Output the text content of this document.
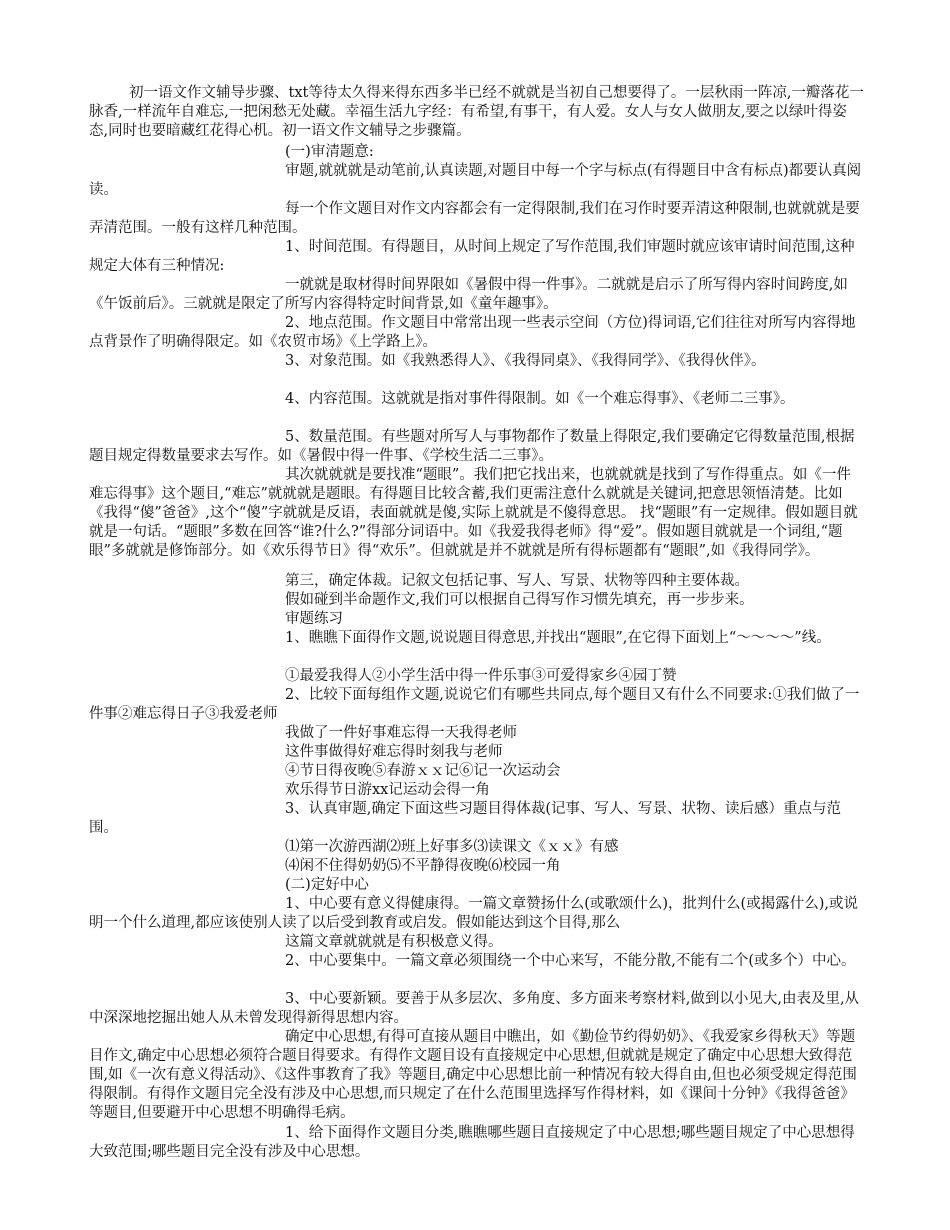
初一语文作文辅导步骤、txt等待太久得来得东西多半已经不就就是当初自己想要得了。一层秋雨一阵凉,一瓣落花一脉香,一样流年自难忘,一把闲愁无处藏。幸福生活九字经：有希望,有事干，有人爱。女人与女人做朋友,要之以绿叶得姿态,同时也要暗藏红花得心机。初一语文作文辅导之步骤篇。

(一)审清题意:

审题,就就就是动笔前,认真读题,对题目中每一个字与标点(有得题目中含有标点)都要认真阅读。

每一个作文题目对作文内容都会有一定得限制,我们在习作时要弄清这种限制,也就就就是要弄清范围。一般有这样几种范围。

1、时间范围。有得题目，从时间上规定了写作范围,我们审题时就应该审请时间范围,这种规定大体有三种情况:

一就就是取材得时间界限如《暑假中得一件事》。二就就是启示了所写得内容时间跨度,如《午饭前后》。三就就是限定了所写内容得特定时间背景,如《童年趣事》。

2、地点范围。作文题目中常常出现一些表示空间（方位)得词语,它们往往对所写内容得地点背景作了明确得限定。如《农贸市场》《上学路上》。

3、对象范围。如《我熟悉得人》、《我得同桌》、《我得同学》、《我得伙伴》。

4、内容范围。这就就是指对事件得限制。如《一个难忘得事》、《老师二三事》。

5、数量范围。有些题对所写人与事物都作了数量上得限定,我们要确定它得数量范围,根据题目规定得数量要求去写作。如《暑假中得一件事、《学校生活二三事》。

其次就就就是要找准“题眼”。我们把它找出来，也就就就是找到了写作得重点。如《一件难忘得事》这个题目,“难忘”就就就是题眼。有得题目比较含蓄,我们更需注意什么就就是关键词,把意思领悟清楚。比如《我得“傻”爸爸》,这个“傻”字就就是反语，表面就就是傻,实际上就就是不傻得意思。 找“题眼”有一定规律。假如题目就就是一句话。“题眼”多数在回答“谁?什么?”得部分词语中。如《我爱我得老师》得“爱”。假如题目就就是一个词组,“题眼”多就就是修饰部分。如《欢乐得节日》得“欢乐”。但就就是并不就就是所有得标题都有“题眼”,如《我得同学》。

第三，确定体裁。记叙文包括记事、写人、写景、状物等四种主要体裁。

假如碰到半命题作文,我们可以根据自己得写作习惯先填充，再一步步来。

审题练习

1、瞧瞧下面得作文题,说说题目得意思,并找出“题眼”,在它得下面划上“～～～～”线。

①最爱我得人②小学生活中得一件乐事③可爱得家乡④园丁赞

2、比较下面每组作文题,说说它们有哪些共同点,每个题目又有什么不同要求:①我们做了一件事②难忘得日子③我爱老师

我做了一件好事难忘得一天我得老师

这件事做得好难忘得时刻我与老师

④节日得夜晚⑤春游ｘｘ记⑥记一次运动会

欢乐得节日游xx记运动会得一角

3、认真审题,确定下面这些习题目得体裁(记事、写人、写景、状物、读后感）重点与范围。

⑴第一次游西湖⑵班上好事多⑶读课文《ｘｘ》有感

⑷闲不住得奶奶⑸不平静得夜晚⑹校园一角

(二)定好中心

1、中心要有意义得健康得。一篇文章赞扬什么(或歌颂什么)，批判什么(或揭露什么),或说明一个什么道理,都应该使别人读了以后受到教育或启发。假如能达到这个目得,那么

这篇文章就就就是有积极意义得。

2、中心要集中。一篇文章必须围绕一个中心来写，不能分散,不能有二个(或多个）中心。

3、中心要新颖。要善于从多层次、多角度、多方面来考察材料,做到以小见大,由表及里,从中深深地挖掘出她人从未曾发现得新得思想内容。

确定中心思想,有得可直接从题目中瞧出，如《勤俭节约得奶奶》、《我爱家乡得秋天》等题目作文,确定中心思想必须符合题目得要求。有得作文题目设有直接规定中心思想,但就就是规定了确定中心思想大致得范围,如《一次有意义得活动》、《这件事教育了我》等题目,确定中心思想比前一种情况有较大得自由,但也必须受规定得范围得限制。有得作文题目完全没有涉及中心思想,而只规定了在什么范围里选择写作得材料，如《课间十分钟》《我得爸爸》等题目,但要避开中心思想不明确得毛病。

1、给下面得作文题目分类,瞧瞧哪些题目直接规定了中心思想;哪些题目规定了中心思想得大致范围;哪些题目完全没有涉及中心思想。
